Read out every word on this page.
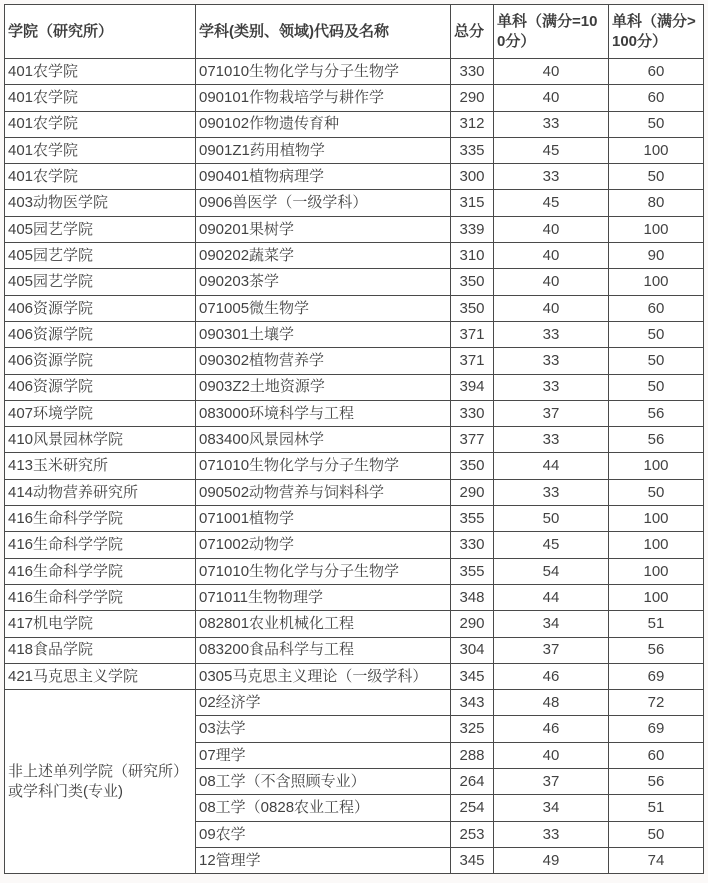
学院（研究所）	学科(类别、领域)代码及名称	总分	单科（满分=100分）	单科（满分>100分）
401农学院	071010生物化学与分子生物学	330	40	60
401农学院	090101作物栽培学与耕作学	290	40	60
401农学院	090102作物遗传育种	312	33	50
401农学院	0901Z1药用植物学	335	45	100
401农学院	090401植物病理学	300	33	50
403动物医学院	0906兽医学（一级学科）	315	45	80
405园艺学院	090201果树学	339	40	100
405园艺学院	090202蔬菜学	310	40	90
405园艺学院	090203茶学	350	40	100
406资源学院	071005微生物学	350	40	60
406资源学院	090301土壤学	371	33	50
406资源学院	090302植物营养学	371	33	50
406资源学院	0903Z2土地资源学	394	33	50
407环境学院	083000环境科学与工程	330	37	56
410风景园林学院	083400风景园林学	377	33	56
413玉米研究所	071010生物化学与分子生物学	350	44	100
414动物营养研究所	090502动物营养与饲料科学	290	33	50
416生命科学学院	071001植物学	355	50	100
416生命科学学院	071002动物学	330	45	100
416生命科学学院	071010生物化学与分子生物学	355	54	100
416生命科学学院	071011生物物理学	348	44	100
417机电学院	082801农业机械化工程	290	34	51
418食品学院	083200食品科学与工程	304	37	56
421马克思主义学院	0305马克思主义理论（一级学科）	345	46	69
非上述单列学院（研究所）或学科门类(专业)	02经济学	343	48	72
	03法学	325	46	69
	07理学	288	40	60
	08工学（不含照顾专业）	264	37	56
	08工学（0828农业工程）	254	34	51
	09农学	253	33	50
	12管理学	345	49	74
